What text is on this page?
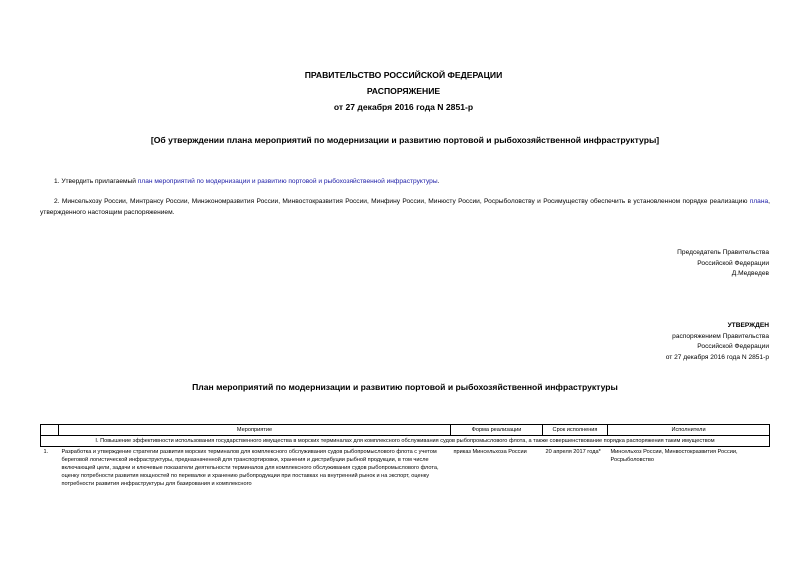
ПРАВИТЕЛЬСТВО РОССИЙСКОЙ ФЕДЕРАЦИИ
РАСПОРЯЖЕНИЕ
от 27 декабря 2016 года N 2851-р
[Об утверждении плана мероприятий по модернизации и развитию портовой и рыбохозяйственной инфраструктуры]
1. Утвердить прилагаемый план мероприятий по модернизации и развитию портовой и рыбохозяйственной инфраструктуры.
2. Минсельхозу России, Минтрансу России, Минэкономразвития России, Минвостокразвития России, Минфину России, Минюсту России, Росрыболовству и Росимуществу обеспечить в установленном порядке реализацию плана, утвержденного настоящим распоряжением.
Председатель Правительства
Российской Федерации
Д.Медведев
УТВЕРЖДЕН
распоряжением Правительства
Российской Федерации
от 27 декабря 2016 года N 2851-р
План мероприятий по модернизации и развитию портовой и рыбохозяйственной инфраструктуры
	Мероприятие	Форма реализации	Срок исполнения	Исполнители
I. Повышение эффективности использования государственного имущества в морских терминалах для комплексного обслуживания судов рыбопромыслового флота, а также совершенствование порядка распоряжения таким имуществом				
1.	Разработка и утверждение стратегии развития морских терминалов для комплексного обслуживания судов рыбопромыслового флота с учетом береговой логистической инфраструктуры, предназначенной для транспортировки, хранения и дистрибуции рыбной продукции, в том числе включающей цели, задачи и ключевые показатели деятельности терминалов для комплексного обслуживания судов рыбопромыслового флота, оценку потребности развития мощностей по перевалке и хранению рыбопродукции при поставках на внутренний рынок и на экспорт, оценку потребности развития инфраструктуры для базирования и комплексного	приказ Минсельхоза России	20 апреля 2017 года*	Минсельхоз России, Минвостокразвития России, Росрыболовство
